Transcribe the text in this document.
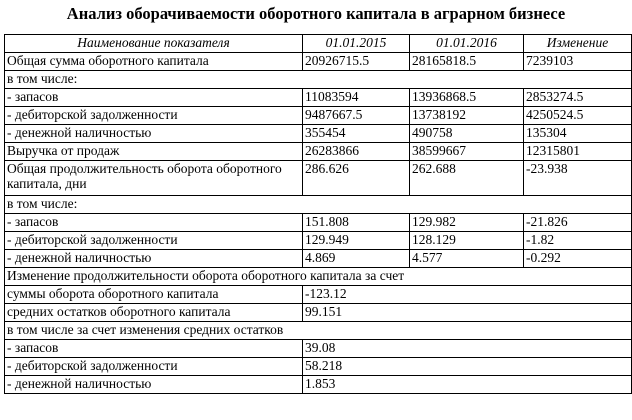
Анализ оборачиваемости оборотного капитала в аграрном бизнесе
Наименование показателя	01.01.2015	01.01.2016	Изменение
Общая сумма оборотного капитала	20926715.5	28165818.5	7239103
в том числе:			
- запасов	11083594	13936868.5	2853274.5
- дебиторской задолженности	9487667.5	13738192	4250524.5
- денежной наличностью	355454	490758	135304
Выручка от продаж	26283866	38599667	12315801
Общая продолжительность оборота оборотного капитала, дни	286.626	262.688	-23.938
в том числе:			
- запасов	151.808	129.982	-21.826
- дебиторской задолженности	129.949	128.129	-1.82
- денежной наличностью	4.869	4.577	-0.292
Изменение продолжительности оборота оборотного капитала за счет			
суммы оборота оборотного капитала	-123.12		
средних остатков оборотного капитала	99.151		
в том числе за счет изменения средних остатков			
- запасов	39.08		
- дебиторской задолженности	58.218		
- денежной наличностью	1.853		
